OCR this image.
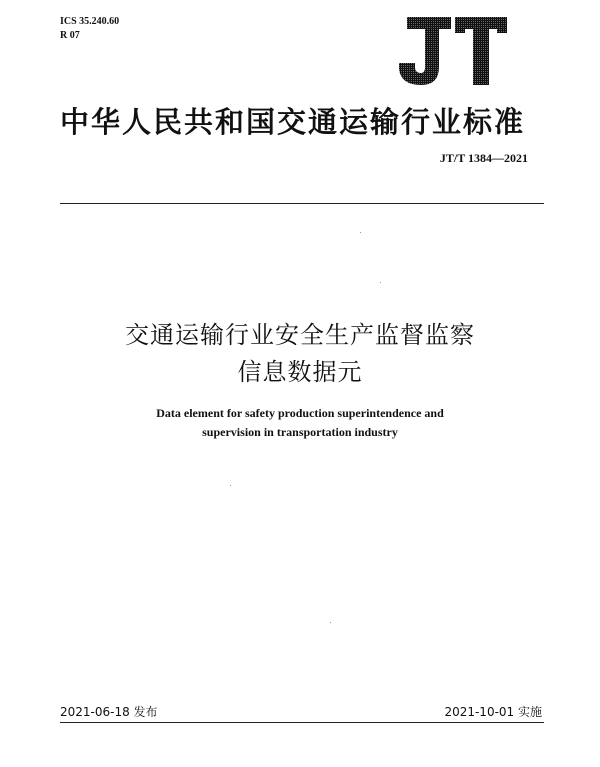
ICS 35.240.60
R 07
中华人民共和国交通运输行业标准
JT/T 1384—2021
交通运输行业安全生产监督监察
信息数据元
Data element for safety production superintendence and
supervision in transportation industry
2021-06-18 发布	2021-10-01 实施
